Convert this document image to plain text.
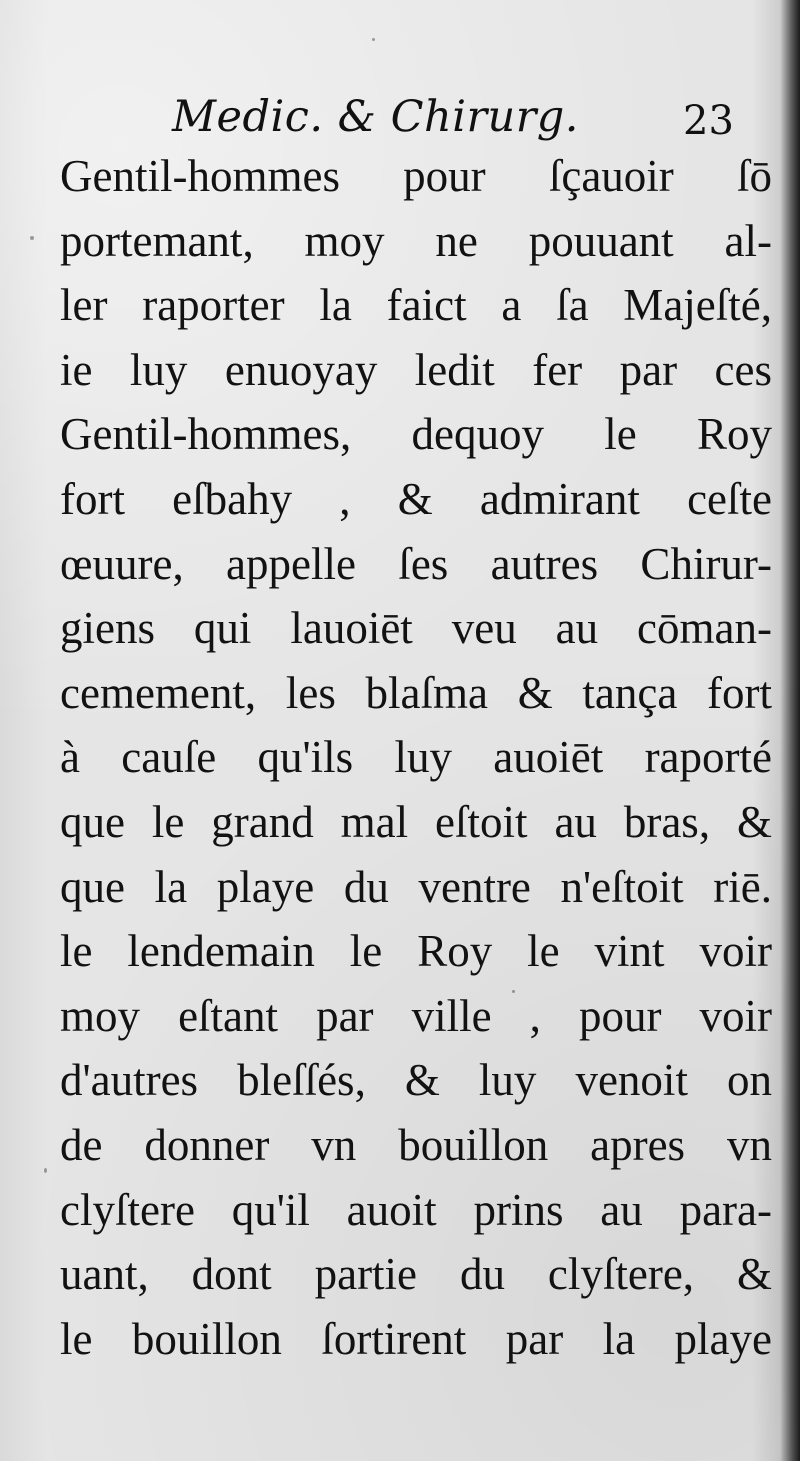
Medic. & Chirurg.	23
Gentil-hommes pour ſçauoir ſō
portemant, moy ne pouuant al-
ler raporter la faict a ſa Majeſté,
ie luy enuoyay ledit fer par ces
Gentil-hommes, dequoy le Roy
fort eſbahy , & admirant ceſte
œuure, appelle ſes autres Chirur-
giens qui lauoiēt veu au cōman-
cemement, les blaſma & tança fort
à cauſe qu'ils luy auoiēt raporté
que le grand mal eſtoit au bras, &
que la playe du ventre n'eſtoit riē.
le lendemain le Roy le vint voir
moy eſtant par ville , pour voir
d'autres bleſſés, & luy venoit on
de donner vn bouillon apres vn
clyſtere qu'il auoit prins au para-
uant, dont partie du clyſtere, &
le bouillon ſortirent par la playe
